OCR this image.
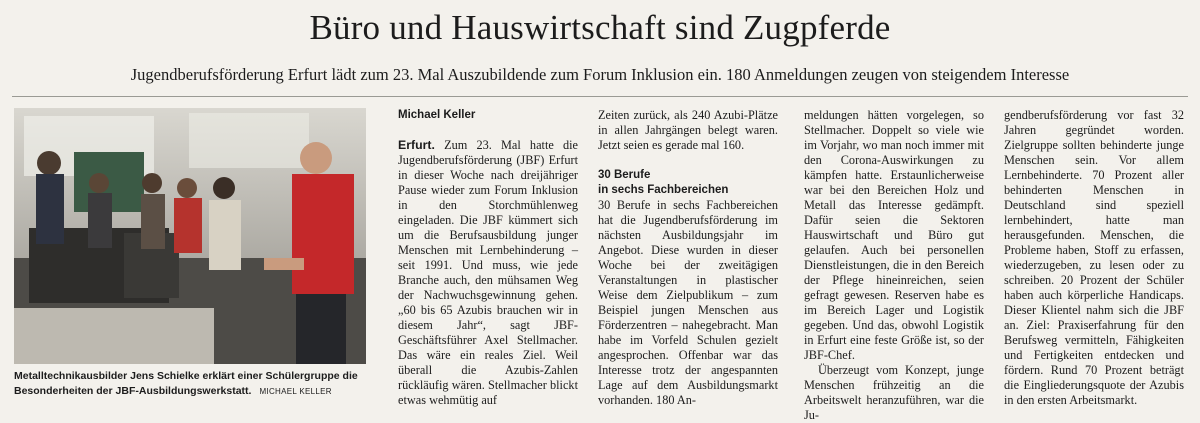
Büro und Hauswirtschaft sind Zugpferde
Jugendberufsförderung Erfurt lädt zum 23. Mal Auszubildende zum Forum Inklusion ein. 180 Anmeldungen zeugen von steigendem Interesse
Metalltechnikausbilder Jens Schielke erklärt einer Schülergruppe die Besonderheiten der JBF-Ausbildungswerkstatt. MICHAEL KELLER
Michael Keller

Erfurt. Zum 23. Mal hatte die Jugendberufsförderung (JBF) Erfurt in dieser Woche nach dreijähriger Pause wieder zum Forum Inklusion in den Storchmühlenweg eingeladen. Die JBF kümmert sich um die Berufsausbildung junger Menschen mit Lernbehinderung – seit 1991. Und muss, wie jede Branche auch, den mühsamen Weg der Nachwuchsgewinnung gehen. „60 bis 65 Azubis brauchen wir in diesem Jahr“, sagt JBF-Geschäftsführer Axel Stellmacher. Das wäre ein reales Ziel. Weil überall die Azubis-Zahlen rückläufig wären. Stellmacher blickt etwas wehmütig auf

Zeiten zurück, als 240 Azubi-Plätze in allen Jahrgängen belegt waren. Jetzt seien es gerade mal 160.

30 Berufe
in sechs Fachbereichen

30 Berufe in sechs Fachbereichen hat die Jugendberufsförderung im nächsten Ausbildungsjahr im Angebot. Diese wurden in dieser Woche bei der zweitägigen Veranstaltungen in plastischer Weise dem Zielpublikum – zum Beispiel jungen Menschen aus Förderzentren – nahegebracht. Man habe im Vorfeld Schulen gezielt angesprochen. Offenbar war das Interesse trotz der angespannten Lage auf dem Ausbildungsmarkt vorhanden. 180 An-

meldungen hätten vorgelegen, so Stellmacher. Doppelt so viele wie im Vorjahr, wo man noch immer mit den Corona-Auswirkungen zu kämpfen hatte. Erstaunlicherweise war bei den Bereichen Holz und Metall das Interesse gedämpft. Dafür seien die Sektoren Hauswirtschaft und Büro gut gelaufen. Auch bei personellen Dienstleistungen, die in den Bereich der Pflege hineinreichen, seien gefragt gewesen. Reserven habe es im Bereich Lager und Logistik gegeben. Und das, obwohl Logistik in Erfurt eine feste Größe ist, so der JBF-Chef.

Überzeugt vom Konzept, junge Menschen frühzeitig an die Arbeitswelt heranzuführen, war die Ju-

gendberufsförderung vor fast 32 Jahren gegründet worden. Zielgruppe sollten behinderte junge Menschen sein. Vor allem Lernbehinderte. 70 Prozent aller behinderten Menschen in Deutschland sind speziell lernbehindert, hatte man herausgefunden. Menschen, die Probleme haben, Stoff zu erfassen, wiederzugeben, zu lesen oder zu schreiben. 20 Prozent der Schüler haben auch körperliche Handicaps. Dieser Klientel nahm sich die JBF an. Ziel: Praxiserfahrung für den Berufsweg vermitteln, Fähigkeiten und Fertigkeiten entdecken und fördern. Rund 70 Prozent beträgt die Eingliederungsquote der Azubis in den ersten Arbeitsmarkt.
